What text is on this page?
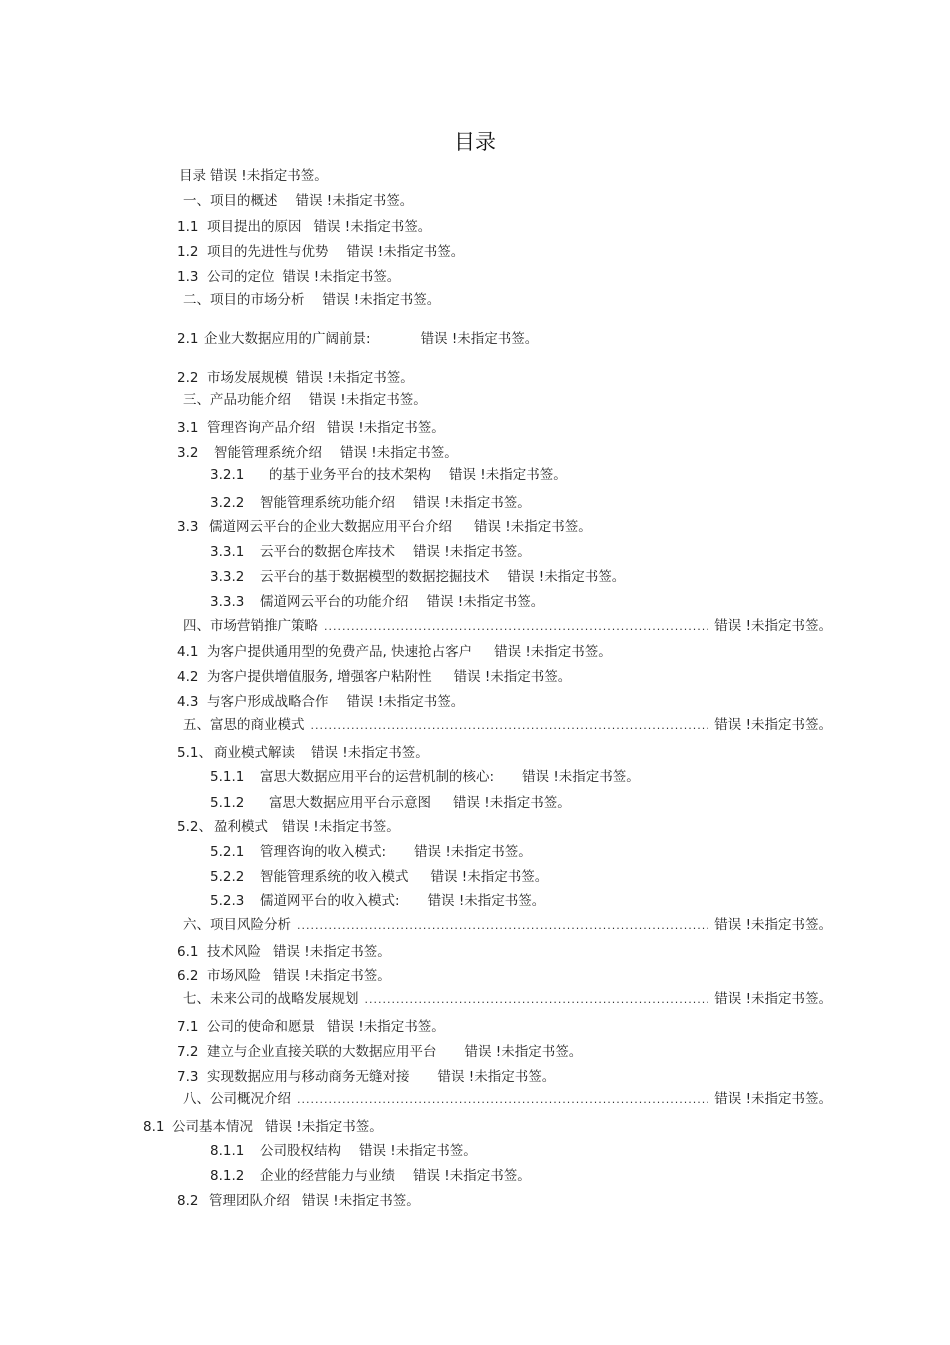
目录
目录 错误 !未指定书签。
一、项目的概述 错误 !未指定书签。
1.1 项目提出的原因 错误 !未指定书签。
1.2 项目的先进性与优势 错误 !未指定书签。
1.3 公司的定位 错误 !未指定书签。
二、项目的市场分析 错误 !未指定书签。
2.1 企业大数据应用的广阔前景:	错误 !未指定书签。
2.2 市场发展规模 错误 !未指定书签。
三、产品功能介绍 错误 !未指定书签。
3.1 管理咨询产品介绍 错误 !未指定书签。
3.2	智能管理系统介绍 错误 !未指定书签。
3.2.1	的基于业务平台的技术架构 错误 !未指定书签。
3.2.2	智能管理系统功能介绍 错误 !未指定书签。
3.3 儒道网云平台的企业大数据应用平台介绍 错误 !未指定书签。
3.3.1	云平台的数据仓库技术 错误 !未指定书签。
3.3.2	云平台的基于数据模型的数据挖掘技术 错误 !未指定书签。
3.3.3	儒道网云平台的功能介绍 错误 !未指定书签。
四、市场营销推广策略 .....	错误 !未指定书签。
4.1 为客户提供通用型的免费产品, 快速抢占客户 错误 !未指定书签。
4.2 为客户提供增值服务, 增强客户粘附性 错误 !未指定书签。
4.3 与客户形成战略合作 错误 !未指定书签。
五、富思的商业模式 .....	错误 !未指定书签。
5.1、 商业模式解读 错误 !未指定书签。
5.1.1	富思大数据应用平台的运营机制的核心: 错误 !未指定书签。
5.1.2	富思大数据应用平台示意图 错误 !未指定书签。
5.2、 盈利模式 错误 !未指定书签。
5.2.1	管理咨询的收入模式: 错误 !未指定书签。
5.2.2	智能管理系统的收入模式 错误 !未指定书签。
5.2.3	儒道网平台的收入模式: 错误 !未指定书签。
六、项目风险分析 .....	错误 !未指定书签。
6.1 技术风险 错误 !未指定书签。
6.2 市场风险 错误 !未指定书签。
七、未来公司的战略发展规划 .....	错误 !未指定书签。
7.1 公司的使命和愿景 错误 !未指定书签。
7.2 建立与企业直接关联的大数据应用平台 错误 !未指定书签。
7.3 实现数据应用与移动商务无缝对接 错误 !未指定书签。
八、公司概况介绍 .....	错误 !未指定书签。
8.1 公司基本情况 错误 !未指定书签。
8.1.1	公司股权结构 错误 !未指定书签。
8.1.2	企业的经营能力与业绩 错误 !未指定书签。
8.2 管理团队介绍 错误 !未指定书签。
